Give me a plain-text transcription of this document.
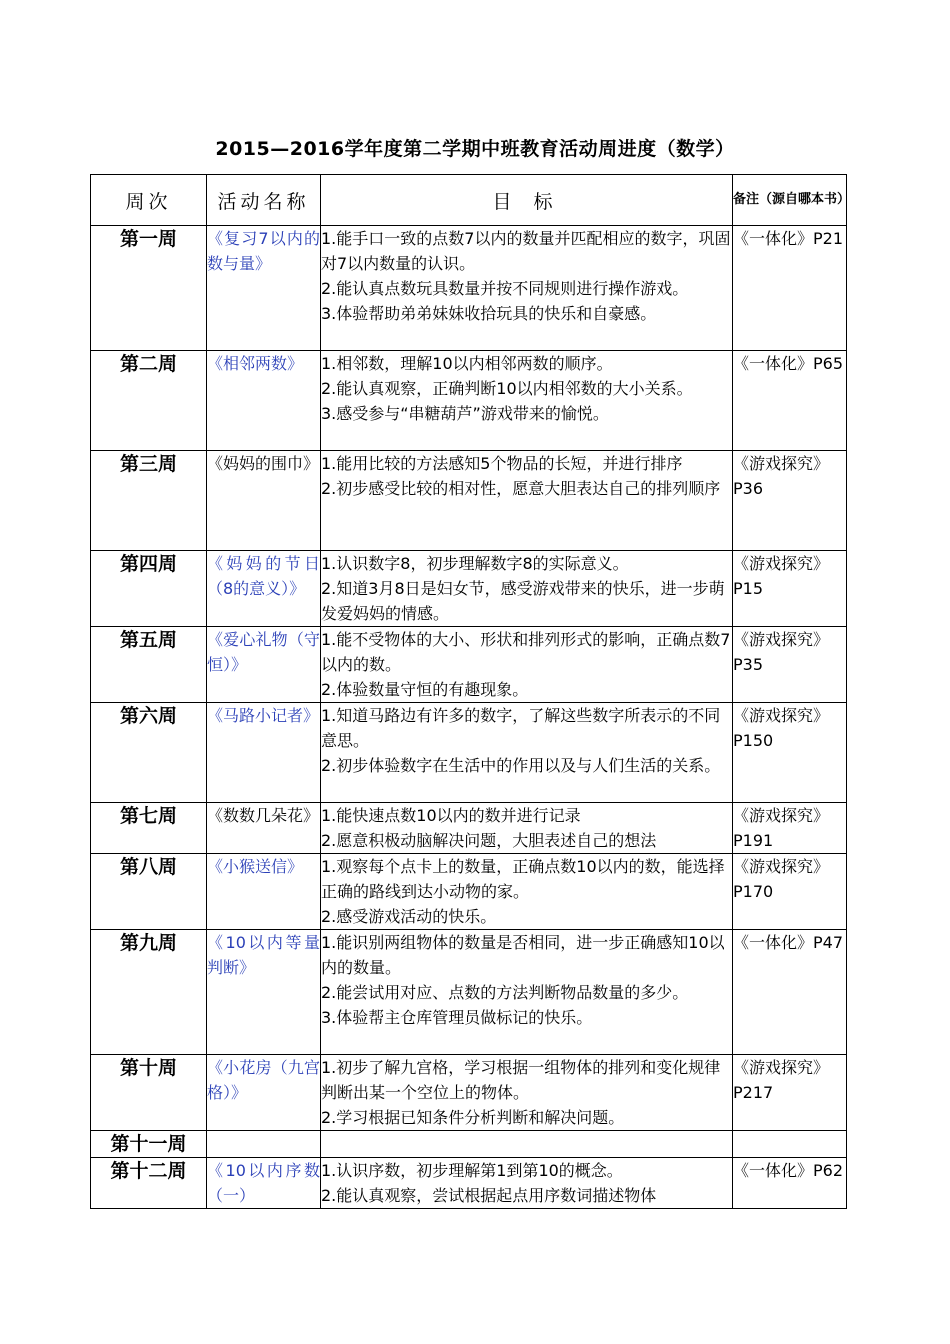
2015—2016学年度第二学期中班教育活动周进度（数学）
周次	活动名称	目 标	备注（源自哪本书）
第一周	《复习7以内的数与量》	1.能手口一致的点数7以内的数量并匹配相应的数字，巩固对7以内数量的认识。
2.能认真点数玩具数量并按不同规则进行操作游戏。
3.体验帮助弟弟妹妹收拾玩具的快乐和自豪感。	《一体化》P21
第二周	《相邻两数》	1.相邻数，理解10以内相邻两数的顺序。
2.能认真观察，正确判断10以内相邻数的大小关系。
3.感受参与“串糖葫芦”游戏带来的愉悦。	《一体化》P65
第三周	《妈妈的围巾》	1.能用比较的方法感知5个物品的长短，并进行排序
2.初步感受比较的相对性，愿意大胆表达自己的排列顺序	《游戏探究》P36
第四周	《妈妈的节日（8的意义）》	1.认识数字8，初步理解数字8的实际意义。
2.知道3月8日是妇女节，感受游戏带来的快乐，进一步萌发爱妈妈的情感。	《游戏探究》P15
第五周	《爱心礼物（守恒）》	1.能不受物体的大小、形状和排列形式的影响，正确点数7以内的数。
2.体验数量守恒的有趣现象。	《游戏探究》P35
第六周	《马路小记者》	1.知道马路边有许多的数字，了解这些数字所表示的不同意思。
2.初步体验数字在生活中的作用以及与人们生活的关系。	《游戏探究》P150
第七周	《数数几朵花》	1.能快速点数10以内的数并进行记录
2.愿意积极动脑解决问题，大胆表述自己的想法	《游戏探究》P191
第八周	《小猴送信》	1.观察每个点卡上的数量，正确点数10以内的数，能选择正确的路线到达小动物的家。
2.感受游戏活动的快乐。	《游戏探究》P170
第九周	《10以内等量判断》	1.能识别两组物体的数量是否相同，进一步正确感知10以内的数量。
2.能尝试用对应、点数的方法判断物品数量的多少。
3.体验帮主仓库管理员做标记的快乐。	《一体化》P47
第十周	《小花房（九宫格）》	1.初步了解九宫格，学习根据一组物体的排列和变化规律判断出某一个空位上的物体。
2.学习根据已知条件分析判断和解决问题。	《游戏探究》P217
第十一周			
第十二周	《10以内序数（一）	1.认识序数，初步理解第1到第10的概念。
2.能认真观察，尝试根据起点用序数词描述物体	《一体化》P62
